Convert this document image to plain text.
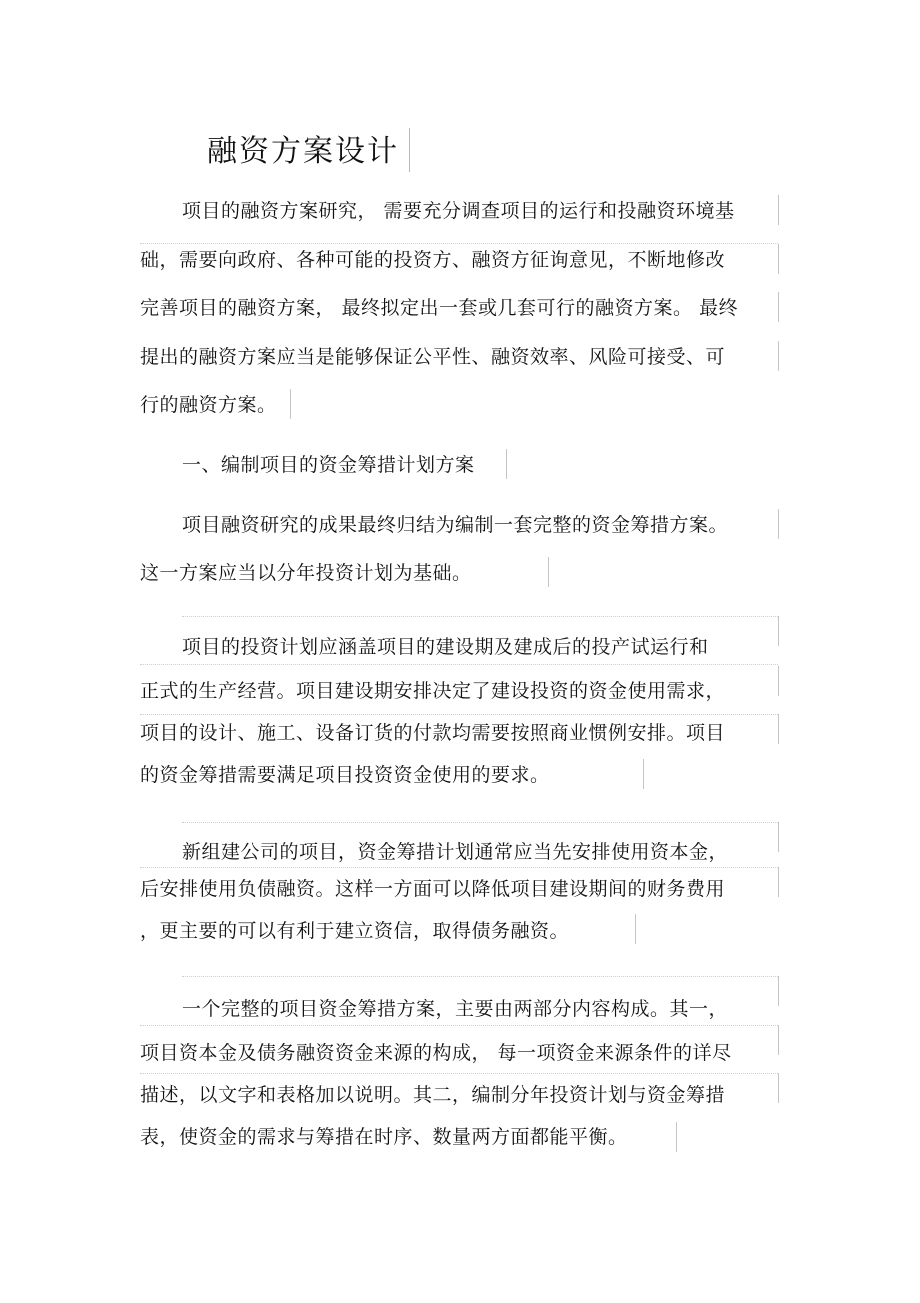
融资方案设计
项目的融资方案研究， 需要充分调查项目的运行和投融资环境基
础，需要向政府、各种可能的投资方、融资方征询意见，不断地修改
完善项目的融资方案， 最终拟定出一套或几套可行的融资方案。 最终
提出的融资方案应当是能够保证公平性、融资效率、风险可接受、可
行的融资方案。
一、编制项目的资金筹措计划方案
项目融资研究的成果最终归结为编制一套完整的资金筹措方案。
这一方案应当以分年投资计划为基础。
项目的投资计划应涵盖项目的建设期及建成后的投产试运行和
正式的生产经营。项目建设期安排决定了建设投资的资金使用需求，
项目的设计、施工、设备订货的付款均需要按照商业惯例安排。项目
的资金筹措需要满足项目投资资金使用的要求。
新组建公司的项目，资金筹措计划通常应当先安排使用资本金，
后安排使用负债融资。这样一方面可以降低项目建设期间的财务费用
，更主要的可以有利于建立资信，取得债务融资。
一个完整的项目资金筹措方案，主要由两部分内容构成。其一，
项目资本金及债务融资资金来源的构成， 每一项资金来源条件的详尽
描述，以文字和表格加以说明。其二，编制分年投资计划与资金筹措
表，使资金的需求与筹措在时序、数量两方面都能平衡。
